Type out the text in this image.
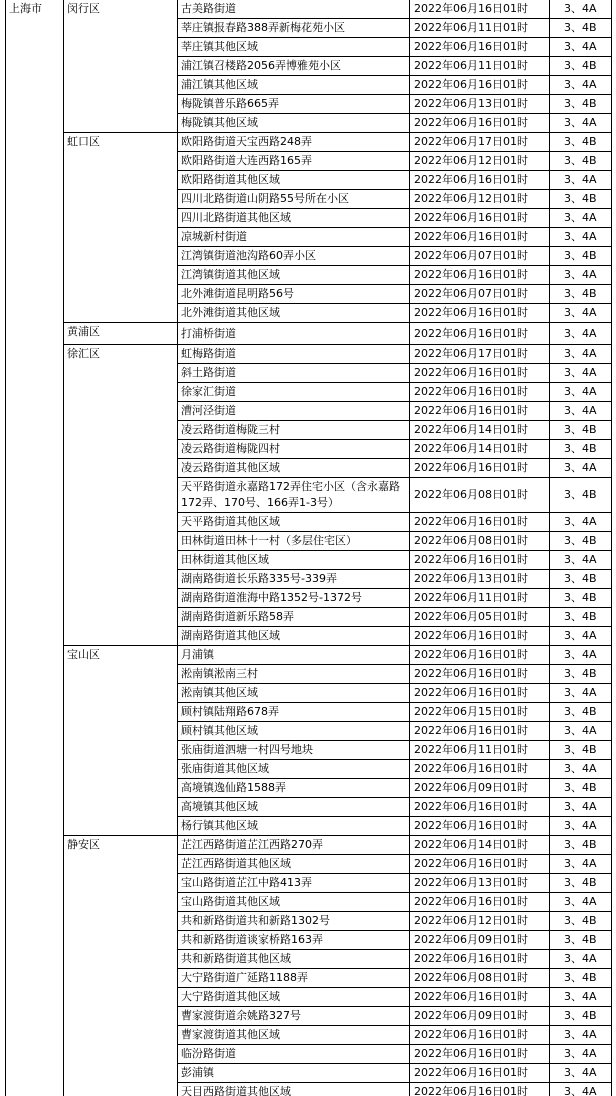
上海市	闵行区	古美路街道	2022年06月16日01时	3、4A
		莘庄镇报春路388弄新梅花苑小区	2022年06月11日01时	3、4B
		莘庄镇其他区域	2022年06月16日01时	3、4A
		浦江镇召楼路2056弄博雅苑小区	2022年06月11日01时	3、4B
		浦江镇其他区域	2022年06月16日01时	3、4A
		梅陇镇普乐路665弄	2022年06月13日01时	3、4B
		梅陇镇其他区域	2022年06月16日01时	3、4A
	虹口区	欧阳路街道天宝西路248弄	2022年06月17日01时	3、4B
		欧阳路街道大连西路165弄	2022年06月12日01时	3、4B
		欧阳路街道其他区域	2022年06月16日01时	3、4A
		四川北路街道山阴路55号所在小区	2022年06月12日01时	3、4B
		四川北路街道其他区域	2022年06月16日01时	3、4A
		凉城新村街道	2022年06月16日01时	3、4A
		江湾镇街道池沟路60弄小区	2022年06月07日01时	3、4B
		江湾镇街道其他区域	2022年06月16日01时	3、4A
		北外滩街道昆明路56号	2022年06月07日01时	3、4B
		北外滩街道其他区域	2022年06月16日01时	3、4A
	黄浦区	打浦桥街道	2022年06月16日01时	3、4A
	徐汇区	虹梅路街道	2022年06月17日01时	3、4A
		斜土路街道	2022年06月16日01时	3、4A
		徐家汇街道	2022年06月16日01时	3、4A
		漕河泾街道	2022年06月16日01时	3、4A
		凌云路街道梅陇三村	2022年06月14日01时	3、4B
		凌云路街道梅陇四村	2022年06月14日01时	3、4B
		凌云路街道其他区域	2022年06月16日01时	3、4A
		天平路街道永嘉路172弄住宅小区（含永嘉路172弄、170号、166弄1-3号）	2022年06月08日01时	3、4B
		天平路街道其他区域	2022年06月16日01时	3、4A
		田林街道田林十一村（多层住宅区）	2022年06月08日01时	3、4B
		田林街道其他区域	2022年06月16日01时	3、4A
		湖南路街道长乐路335号-339弄	2022年06月13日01时	3、4B
		湖南路街道淮海中路1352号-1372号	2022年06月11日01时	3、4B
		湖南路街道新乐路58弄	2022年06月05日01时	3、4B
		湖南路街道其他区域	2022年06月16日01时	3、4A
	宝山区	月浦镇	2022年06月16日01时	3、4A
		淞南镇淞南三村	2022年06月16日01时	3、4B
		淞南镇其他区域	2022年06月16日01时	3、4A
		顾村镇陆翔路678弄	2022年06月15日01时	3、4B
		顾村镇其他区域	2022年06月16日01时	3、4A
		张庙街道泗塘一村四号地块	2022年06月11日01时	3、4B
		张庙街道其他区域	2022年06月16日01时	3、4A
		高境镇逸仙路1588弄	2022年06月09日01时	3、4B
		高境镇其他区域	2022年06月16日01时	3、4A
		杨行镇其他区域	2022年06月16日01时	3、4A
	静安区	芷江西路街道芷江西路270弄	2022年06月14日01时	3、4B
		芷江西路街道其他区域	2022年06月16日01时	3、4A
		宝山路街道芷江中路413弄	2022年06月13日01时	3、4B
		宝山路街道其他区域	2022年06月16日01时	3、4A
		共和新路街道共和新路1302号	2022年06月12日01时	3、4B
		共和新路街道谈家桥路163弄	2022年06月09日01时	3、4B
		共和新路街道其他区域	2022年06月16日01时	3、4A
		大宁路街道广延路1188弄	2022年06月08日01时	3、4B
		大宁路街道其他区域	2022年06月16日01时	3、4A
		曹家渡街道余姚路327号	2022年06月09日01时	3、4B
		曹家渡街道其他区域	2022年06月16日01时	3、4A
		临汾路街道	2022年06月16日01时	3、4A
		彭浦镇	2022年06月16日01时	3、4A
		天目西路街道其他区域	2022年06月16日01时	3、4A
